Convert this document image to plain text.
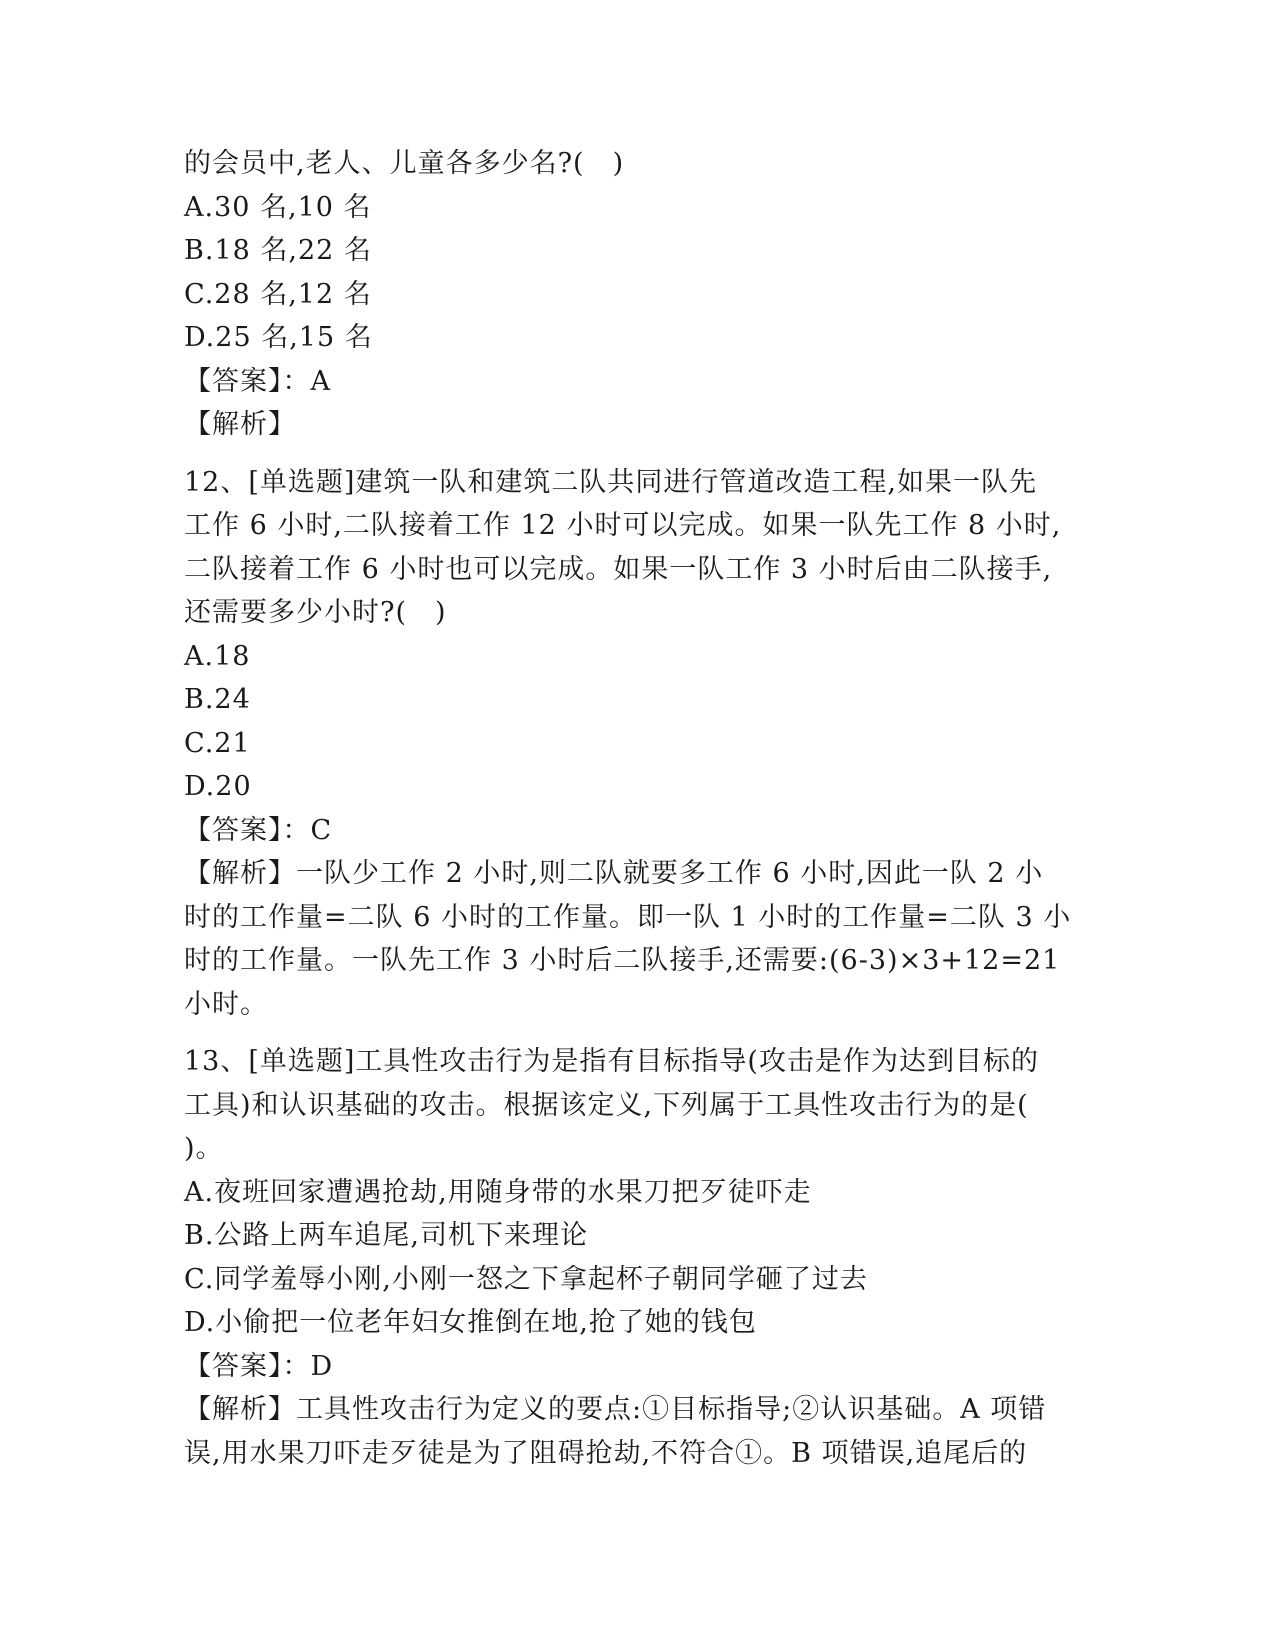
的会员中,老人、儿童各多少名?(　)
A.30 名,10 名
B.18 名,22 名
C.28 名,12 名
D.25 名,15 名
【答案】：A
【解析】
12、[单选题]建筑一队和建筑二队共同进行管道改造工程,如果一队先
工作 6 小时,二队接着工作 12 小时可以完成。如果一队先工作 8 小时,
二队接着工作 6 小时也可以完成。如果一队工作 3 小时后由二队接手,
还需要多少小时?(　)
A.18
B.24
C.21
D.20
【答案】：C
【解析】一队少工作 2 小时,则二队就要多工作 6 小时,因此一队 2 小
时的工作量=二队 6 小时的工作量。即一队 1 小时的工作量=二队 3 小
时的工作量。一队先工作 3 小时后二队接手,还需要:(6-3)×3+12=21
小时。
13、[单选题]工具性攻击行为是指有目标指导(攻击是作为达到目标的
工具)和认识基础的攻击。根据该定义,下列属于工具性攻击行为的是(
)。
A.夜班回家遭遇抢劫,用随身带的水果刀把歹徒吓走
B.公路上两车追尾,司机下来理论
C.同学羞辱小刚,小刚一怒之下拿起杯子朝同学砸了过去
D.小偷把一位老年妇女推倒在地,抢了她的钱包
【答案】：D
【解析】工具性攻击行为定义的要点:①目标指导;②认识基础。A 项错
误,用水果刀吓走歹徒是为了阻碍抢劫,不符合①。B 项错误,追尾后的
